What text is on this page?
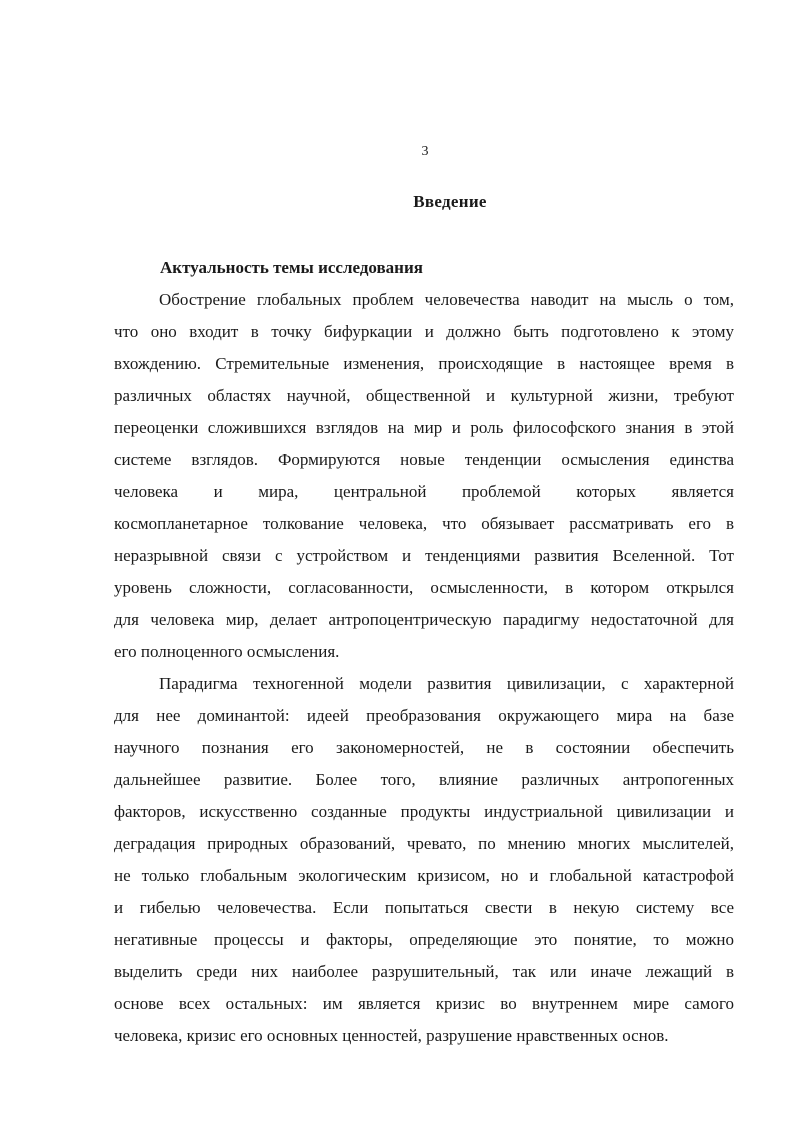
3
Введение
Актуальность темы исследования
Обострение глобальных проблем человечества наводит на мысль о том,
что оно входит в точку бифуркации и должно быть подготовлено к этому
вхождению. Стремительные изменения, происходящие в настоящее время в
различных областях научной, общественной и культурной жизни, требуют
переоценки сложившихся взглядов на мир и роль философского знания в этой
системе взглядов. Формируются новые тенденции осмысления единства
человека и мира, центральной проблемой которых является
космопланетарное толкование человека, что обязывает рассматривать его в
неразрывной связи с устройством и тенденциями развития Вселенной. Тот
уровень сложности, согласованности, осмысленности, в котором открылся
для человека мир, делает антропоцентрическую парадигму недостаточной для
его полноценного осмысления.
Парадигма техногенной модели развития цивилизации, с характерной
для нее доминантой: идеей преобразования окружающего мира на базе
научного познания его закономерностей, не в состоянии обеспечить
дальнейшее развитие. Более того, влияние различных антропогенных
факторов, искусственно созданные продукты индустриальной цивилизации и
деградация природных образований, чревато, по мнению многих мыслителей,
не только глобальным экологическим кризисом, но и глобальной катастрофой
и гибелью человечества. Если попытаться свести в некую систему все
негативные процессы и факторы, определяющие это понятие, то можно
выделить среди них наиболее разрушительный, так или иначе лежащий в
основе всех остальных: им является кризис во внутреннем мире самого
человека, кризис его основных ценностей, разрушение нравственных основ.
